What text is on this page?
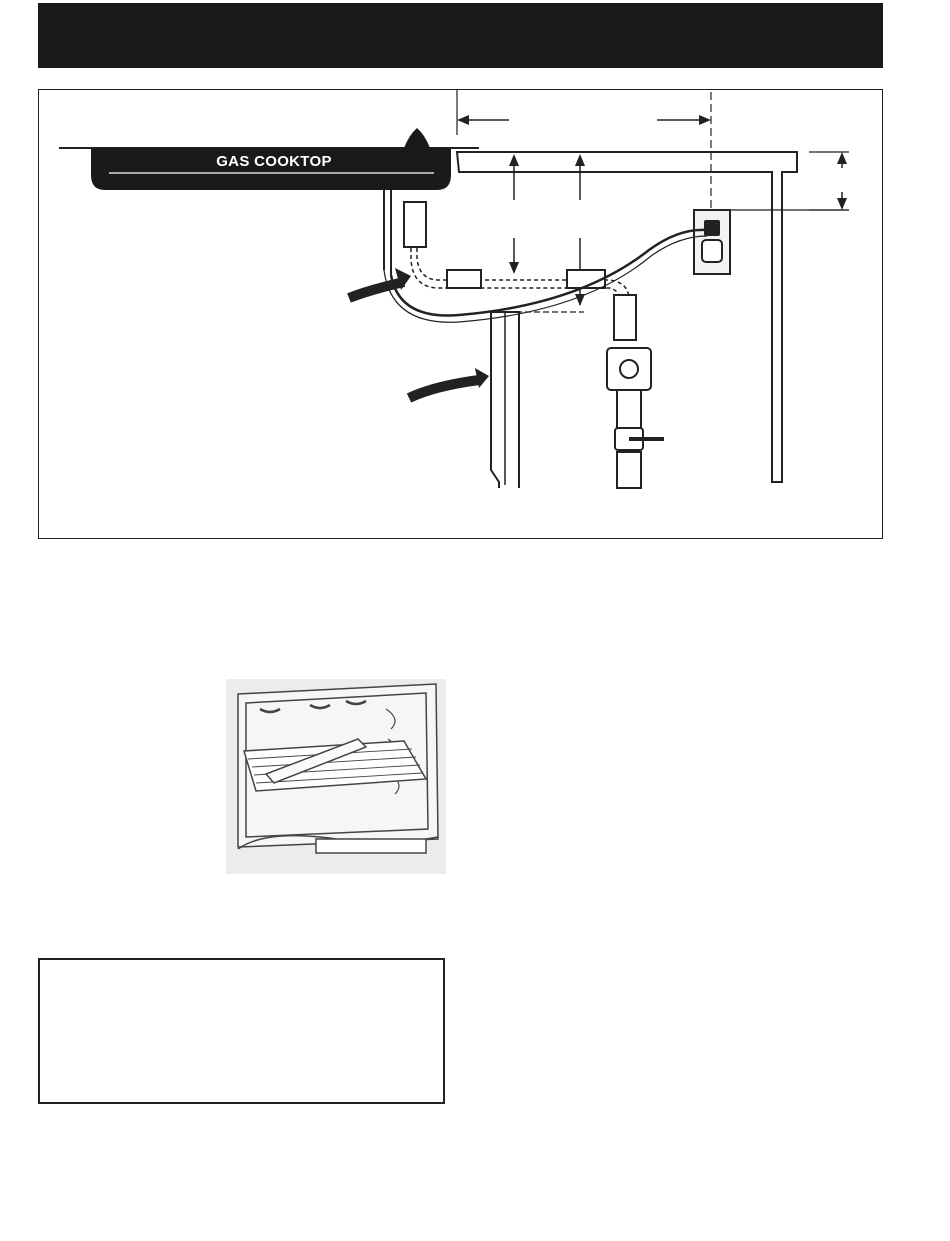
GAS COOKTOP
